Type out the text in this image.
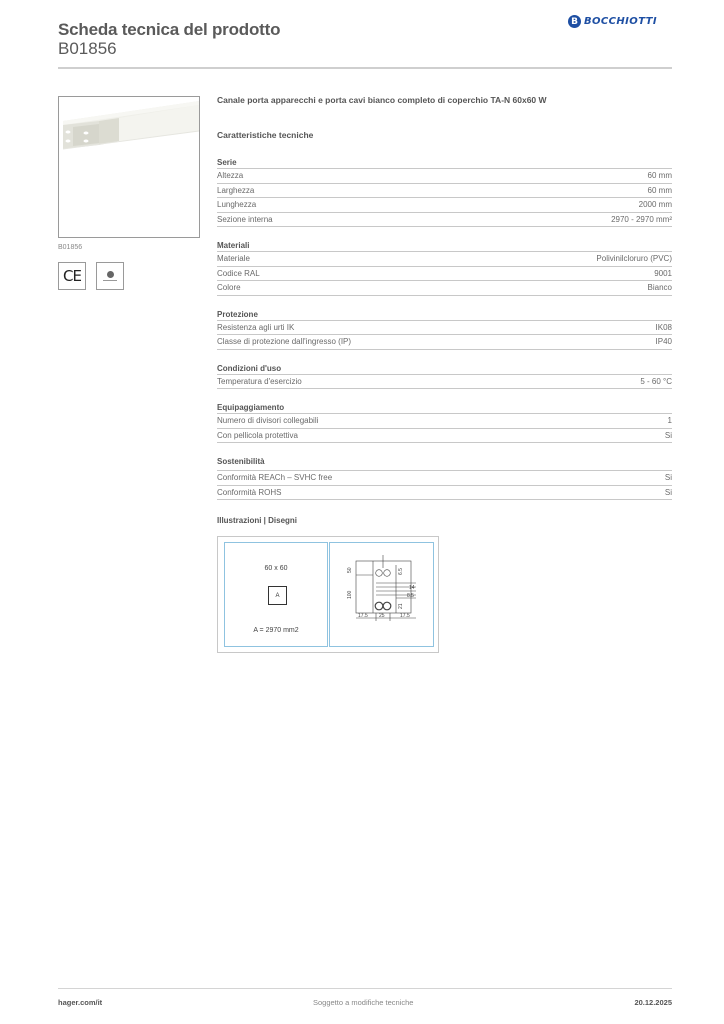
Scheda tecnica del prodotto
B01856
B BOCCHIOTTI
B01856
CE
Canale porta apparecchi e porta cavi bianco completo di coperchio TA-N 60x60 W
Caratteristiche tecniche
Serie
Altezza	60 mm
Larghezza	60 mm
Lunghezza	2000 mm
Sezione interna	2970 - 2970 mm²
Materiali
Materiale	Polivinilcloruro (PVC)
Codice RAL	9001
Colore	Bianco
Protezione
Resistenza agli urti IK	IK08
Classe di protezione dall'ingresso (IP)	IP40
Condizioni d'uso
Temperatura d'esercizio	5 - 60 °C
Equipaggiamento
Numero di divisori collegabili	1
Con pellicola protettiva	Si
Sostenibilità
Conformità REACh – SVHC free	Si
Conformità ROHS	Si
Illustrazioni | Disegni
60 x 60
A
A = 2970 mm2
50
100
6.5
14
8.5
21
17.5 25	17.5
hager.com/it	Soggetto a modifiche tecniche	20.12.2025
